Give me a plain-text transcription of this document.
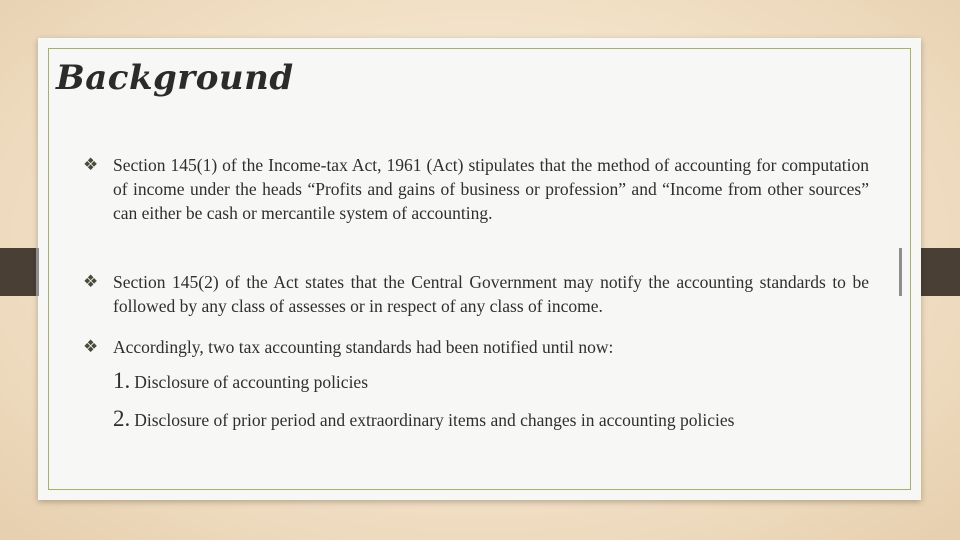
Background
❖ Section 145(1) of the Income-tax Act, 1961 (Act) stipulates that the method of accounting for computation of income under the heads “Profits and gains of business or profession” and “Income from other sources” can either be cash or mercantile system of accounting.
❖ Section 145(2) of the Act states that the Central Government may notify the accounting standards to be followed by any class of assesses or in respect of any class of income.
❖ Accordingly, two tax accounting standards had been notified until now:
1. Disclosure of accounting policies
2. Disclosure of prior period and extraordinary items and changes in accounting policies
